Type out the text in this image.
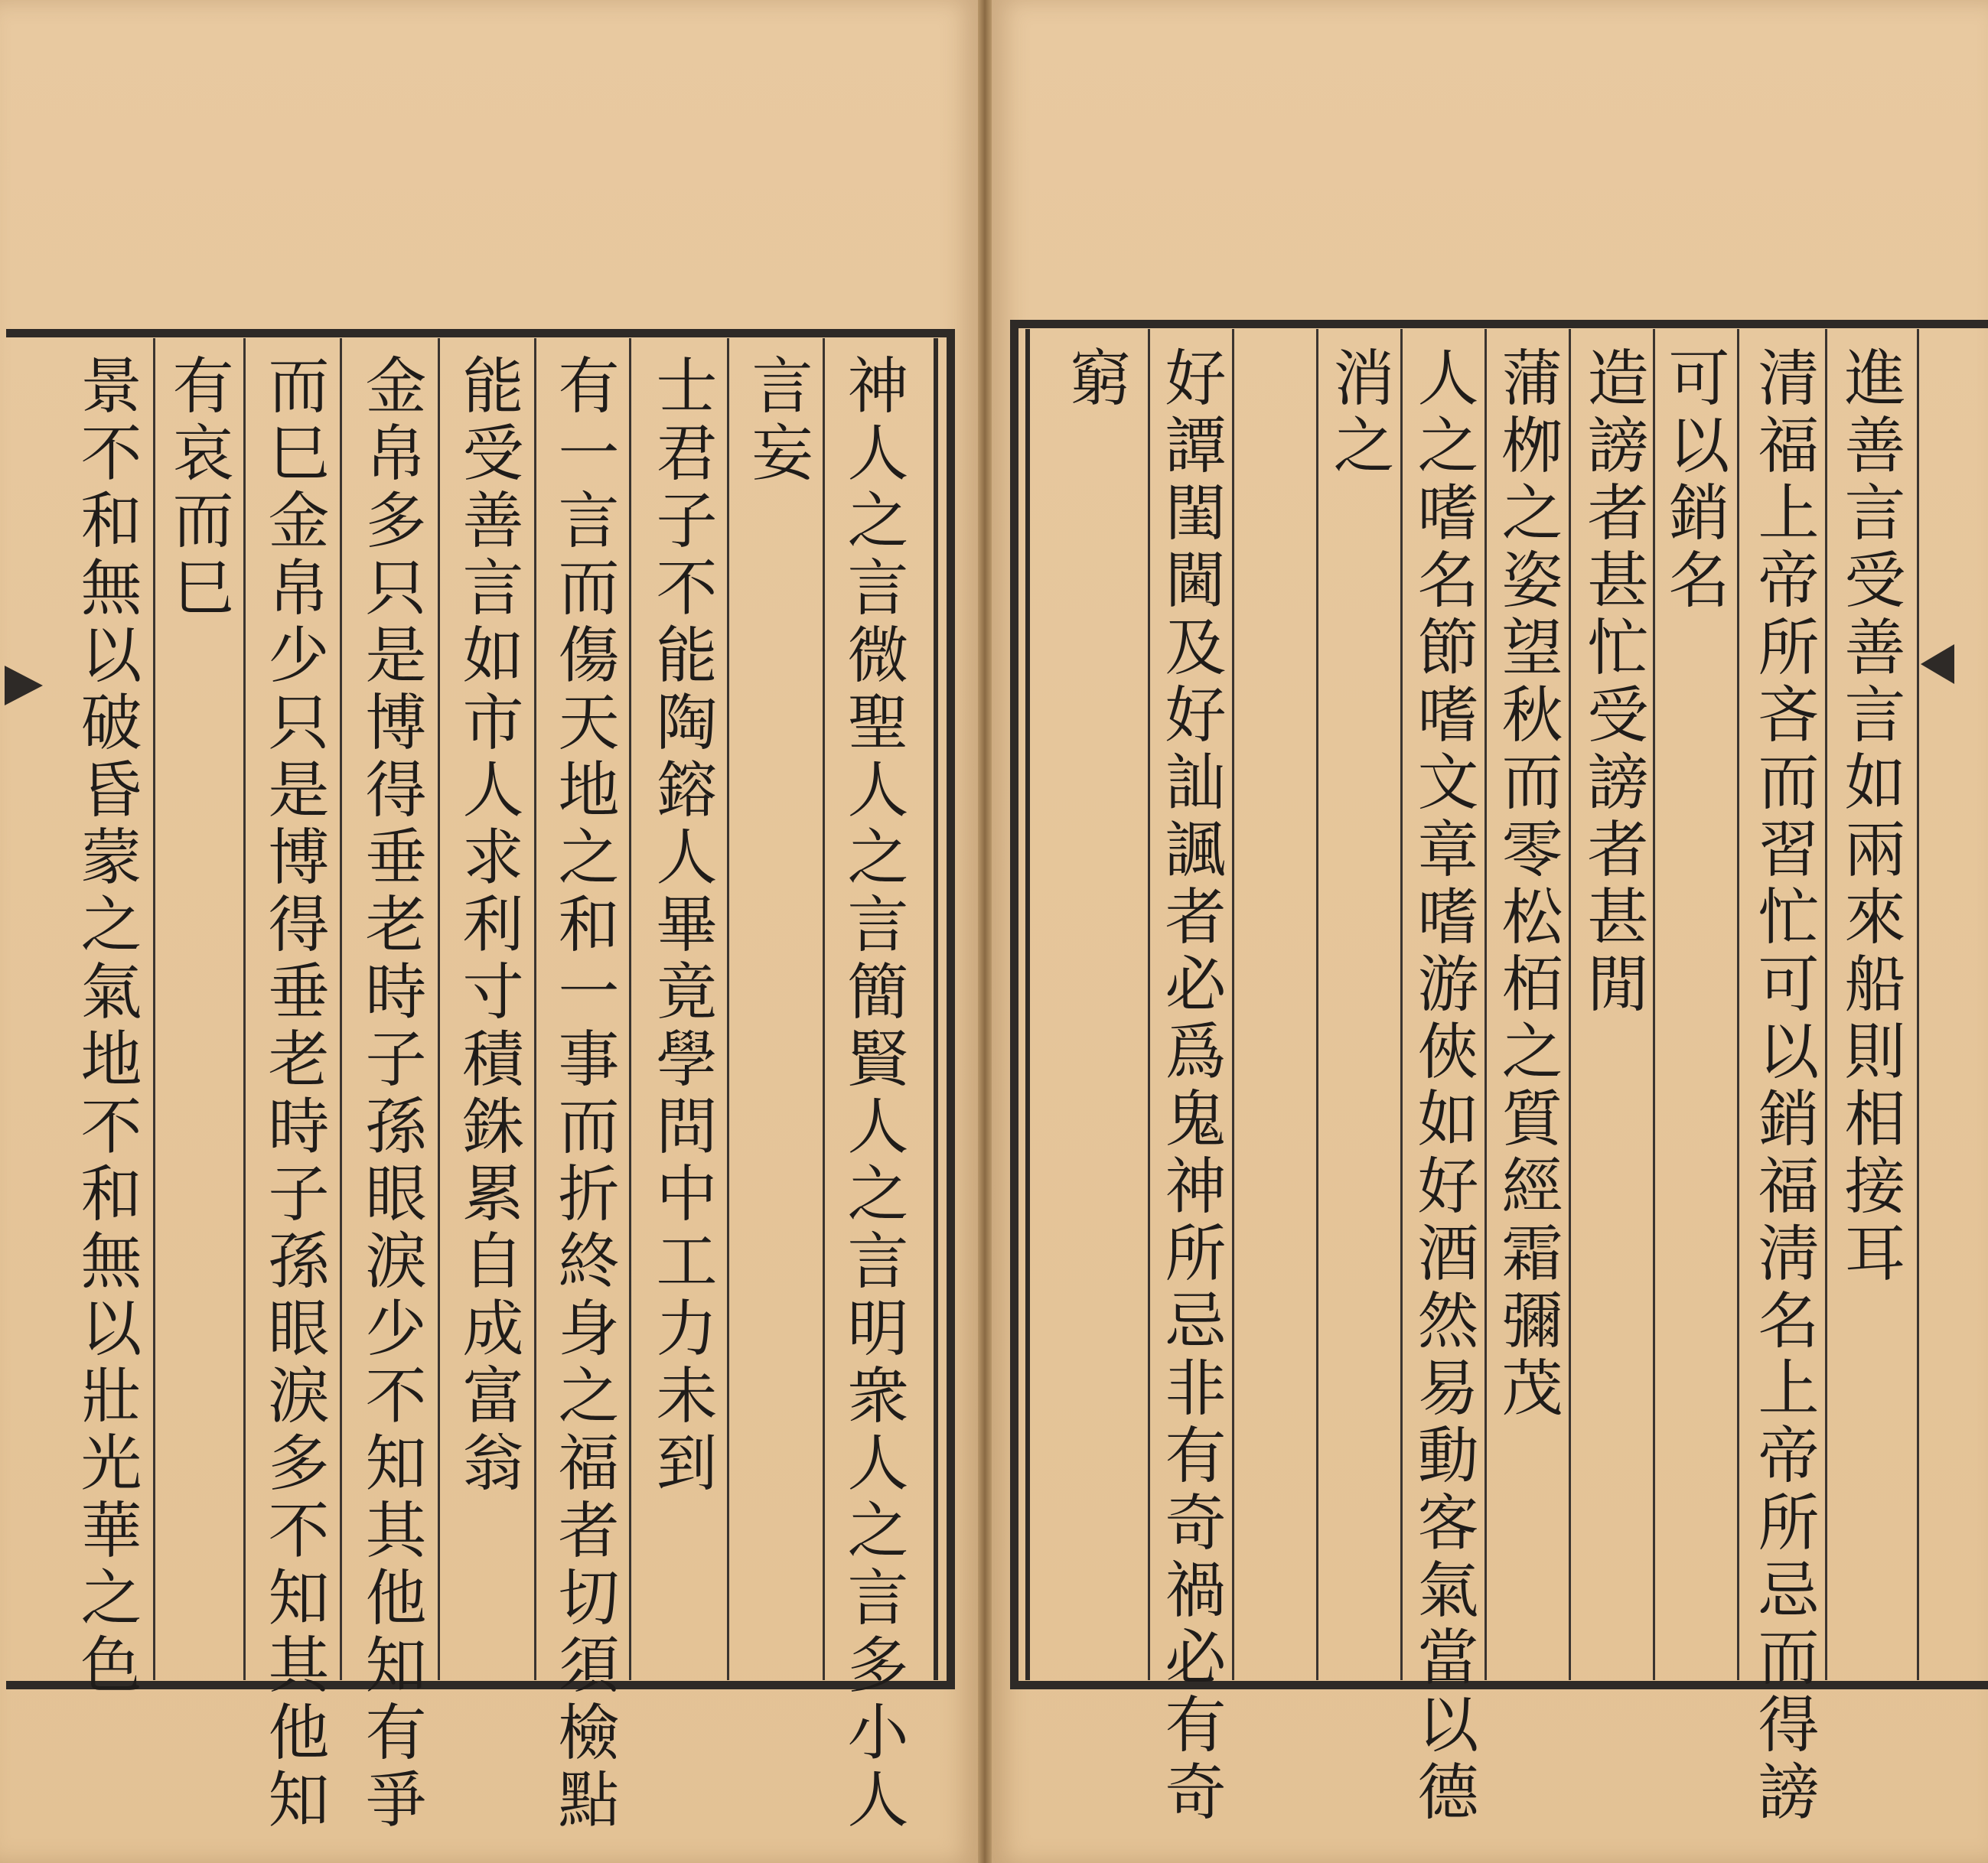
進善言受善言如兩來船則相接耳
清福上帝所吝而習忙可以銷福淸名上帝所忌而得謗
可以銷名
造謗者甚忙受謗者甚閒
蒲栁之姿望秋而零松栢之質經霜彌茂
人之嗜名節嗜文章嗜游俠如好酒然易動客氣當以德
消之
好譚閨閫及好訕諷者必爲鬼神所忌非有奇禍必有奇
窮
神人之言微聖人之言簡賢人之言明衆人之言多小人
言妄
士君子不能陶鎔人畢竟學問中工力未到
有一言而傷天地之和一事而折終身之福者切須檢點
能受善言如市人求利寸積銖累自成富翁
金帛多只是博得垂老時子孫眼淚少不知其他知有爭
而巳金帛少只是博得垂老時子孫眼淚多不知其他知
有哀而巳
景不和無以破昏蒙之氣地不和無以壯光華之色
